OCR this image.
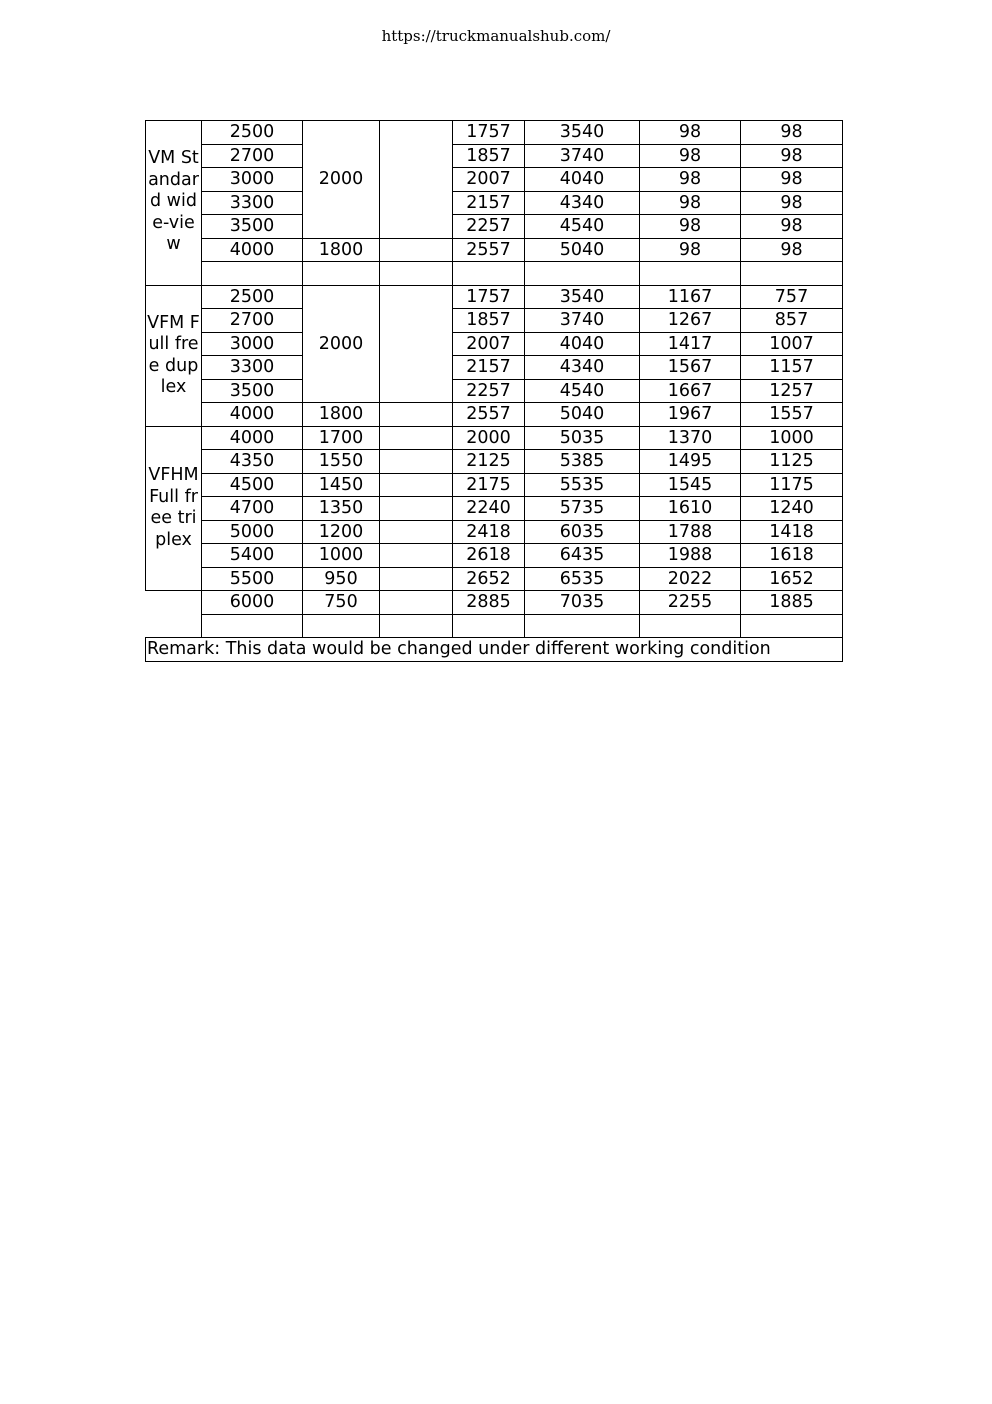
https://truckmanualshub.com/
VM Standard wide-view	2500	2000		1757	3540	98	98
	2700			1857	3740	98	98
	3000			2007	4040	98	98
	3300			2157	4340	98	98
	3500			2257	4540	98	98
	4000	1800		2557	5040	98	98

VFM Full free duplex	2500	2000		1757	3540	1167	757
	2700			1857	3740	1267	857
	3000			2007	4040	1417	1007
	3300			2157	4340	1567	1157
	3500			2257	4540	1667	1257
	4000	1800		2557	5040	1967	1557
VFHM Full free triplex	4000	1700		2000	5035	1370	1000
	4350	1550		2125	5385	1495	1125
	4500	1450		2175	5535	1545	1175
	4700	1350		2240	5735	1610	1240
	5000	1200		2418	6035	1788	1418
	5400	1000		2618	6435	1988	1618
	5500	950		2652	6535	2022	1652
	6000	750		2885	7035	2255	1885

Remark: This data would be changed under different working condition							
